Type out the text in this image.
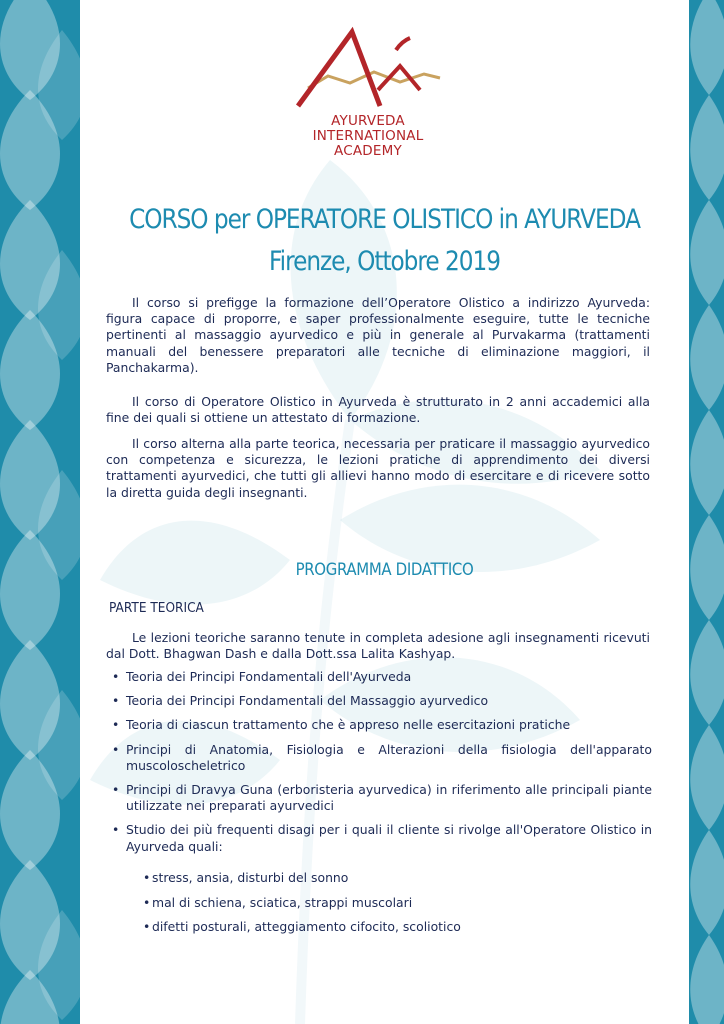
AYURVEDA
INTERNATIONAL
ACADEMY
CORSO per OPERATORE OLISTICO in AYURVEDA
Firenze, Ottobre 2019

Il corso si prefigge la formazione dell’Operatore Olistico a indirizzo Ayurveda: figura capace di proporre, e saper professionalmente eseguire, tutte le tecniche pertinenti al massaggio ayurvedico e più in generale al Purvakarma (trattamenti manuali del benessere preparatori alle tecniche di eliminazione maggiori, il Panchakarma).

Il corso di Operatore Olistico in Ayurveda è strutturato in 2 anni accademici alla fine dei quali si ottiene un attestato di formazione.

Il corso alterna alla parte teorica, necessaria per praticare il massaggio ayurvedico con competenza e sicurezza, le lezioni pratiche di apprendimento dei diversi trattamenti ayurvedici, che tutti gli allievi hanno modo di esercitare e di ricevere sotto la diretta guida degli insegnanti.

PROGRAMMA DIDATTICO
PARTE TEORICA

Le lezioni teoriche saranno tenute in completa adesione agli insegnamenti ricevuti dal Dott. Bhagwan Dash e dalla Dott.ssa Lalita Kashyap.

• Teoria dei Principi Fondamentali dell'Ayurveda
• Teoria dei Principi Fondamentali del Massaggio ayurvedico
• Teoria di ciascun trattamento che è appreso nelle esercitazioni pratiche
• Principi di Anatomia, Fisiologia e Alterazioni della fisiologia dell'apparato muscoloscheletrico
• Principi di Dravya Guna (erboristeria ayurvedica) in riferimento alle principali piante utilizzate nei preparati ayurvedici
• Studio dei più frequenti disagi per i quali il cliente si rivolge all'Operatore Olistico in Ayurveda quali:
• stress, ansia, disturbi del sonno
• mal di schiena, sciatica, strappi muscolari
• difetti posturali, atteggiamento cifocito, scoliotico
